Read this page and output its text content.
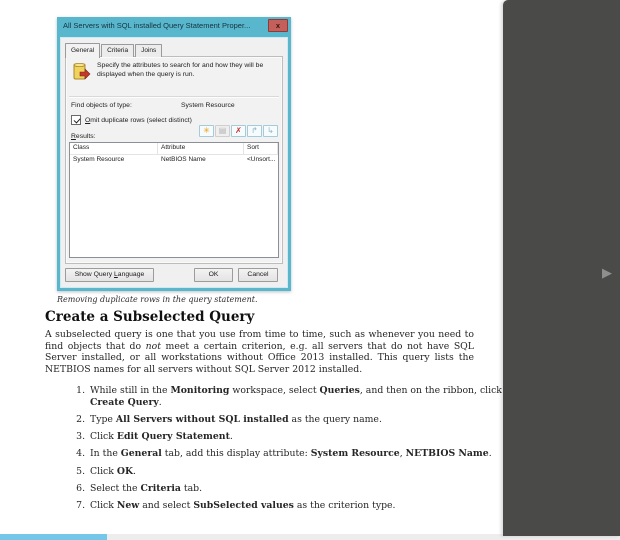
All Servers with SQL installed Query Statement Proper...	x
General	Criteria	Joins
Specify the attributes to search for and how they will be displayed when the query is run.
Find objects of type:	System Resource
Omit duplicate rows (select distinct)
Results:
✳	▤	✗	↱	↳
Class	Attribute	Sort
System Resource	NetBIOS Name	<Unsort...
Show Query Language	OK	Cancel
Removing duplicate rows in the query statement.
Create a Subselected Query

A subselected query is one that you use from time to time, such as whenever you need to find objects that do not meet a certain criterion, e.g. all servers that do not have SQL Server installed, or all workstations without Office 2013 installed. This query lists the NETBIOS names for all servers without SQL Server 2012 installed.

1. While still in the Monitoring workspace, select Queries, and then on the ribbon, click Create Query.
2. Type All Servers without SQL installed as the query name.
3. Click Edit Query Statement.
4. In the General tab, add this display attribute: System Resource, NETBIOS Name.
5. Click OK.
6. Select the Criteria tab.
7. Click New and select SubSelected values as the criterion type.
▶
